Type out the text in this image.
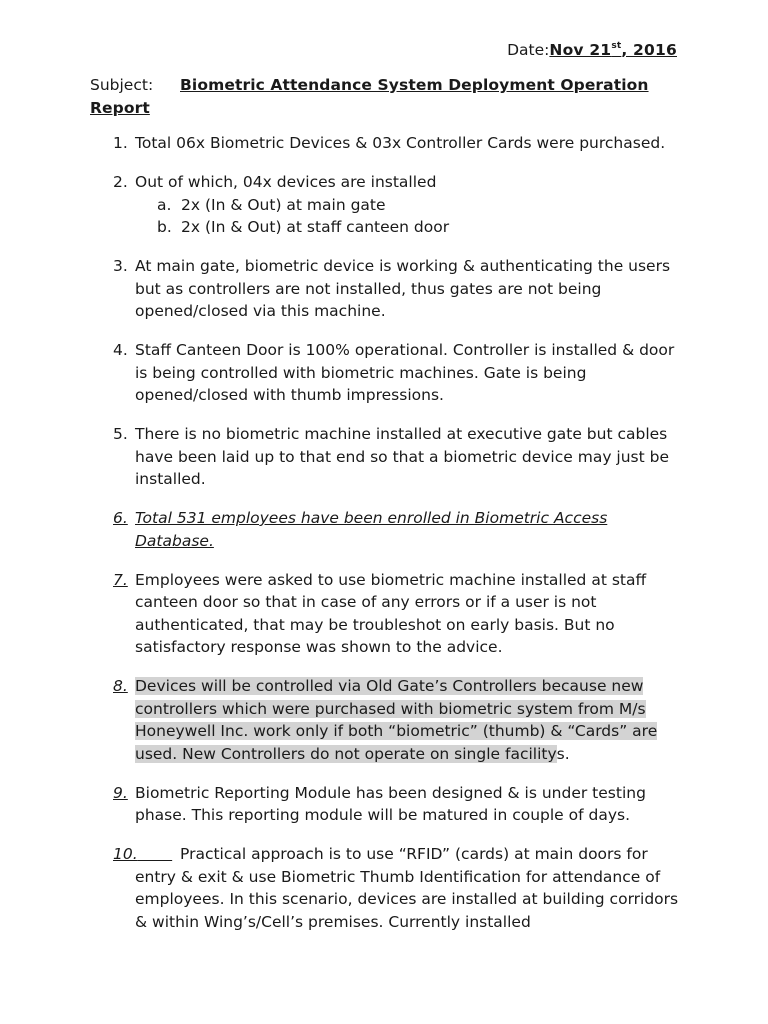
Date:Nov 21st, 2016
Subject: Biometric Attendance System Deployment Operation
Report
1. Total 06x Biometric Devices & 03x Controller Cards were purchased.
2. Out of which, 04x devices are installed
a. 2x (In & Out) at main gate
b. 2x (In & Out) at staff canteen door
3. At main gate, biometric device is working & authenticating the users but as controllers are not installed, thus gates are not being opened/closed via this machine.
4. Staff Canteen Door is 100% operational. Controller is installed & door is being controlled with biometric machines. Gate is being opened/closed with thumb impressions.
5. There is no biometric machine installed at executive gate but cables have been laid up to that end so that a biometric device may just be installed.
6. Total 531 employees have been enrolled in Biometric Access Database.
7. Employees were asked to use biometric machine installed at staff canteen door so that in case of any errors or if a user is not authenticated, that may be troubleshot on early basis. But no satisfactory response was shown to the advice.
8. Devices will be controlled via Old Gate’s Controllers because new controllers which were purchased with biometric system from M/s Honeywell Inc. work only if both “biometric” (thumb) & “Cards” are used. New Controllers do not operate on single facilitys.
9. Biometric Reporting Module has been designed & is under testing phase. This reporting module will be matured in couple of days.
10.	Practical approach is to use “RFID” (cards) at main doors for entry & exit & use Biometric Thumb Identification for attendance of employees. In this scenario, devices are installed at building corridors & within Wing’s/Cell’s premises. Currently installed
